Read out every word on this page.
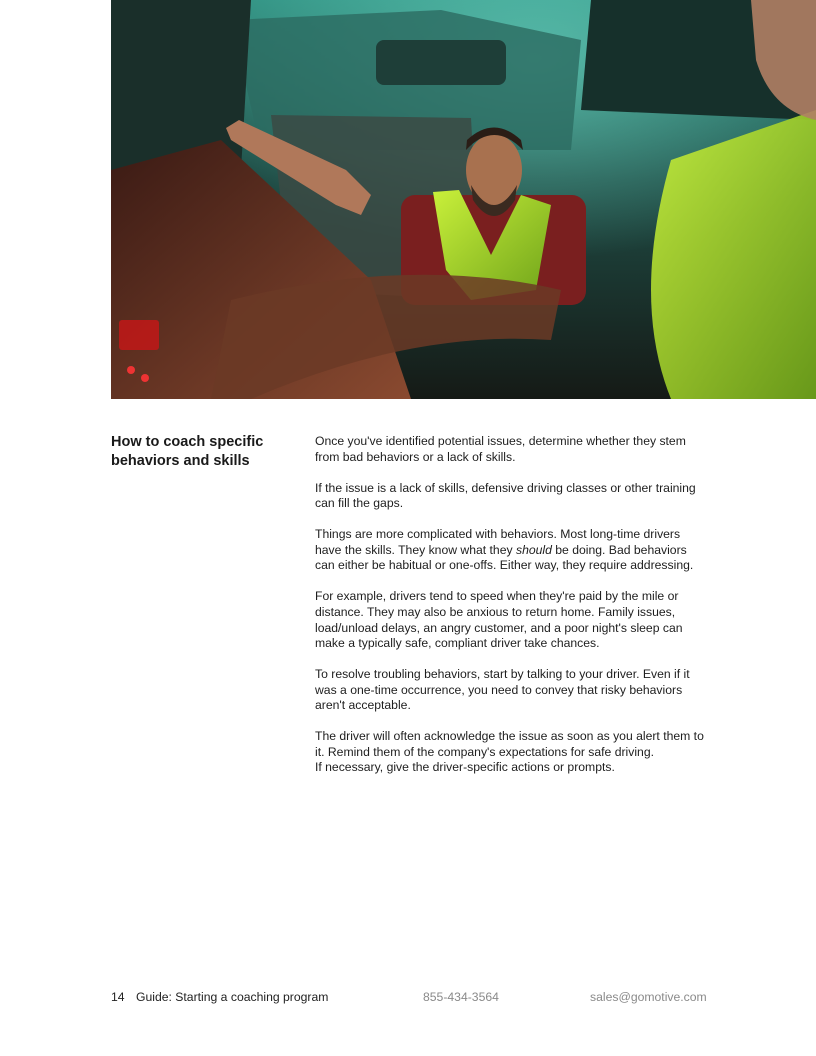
How to coach specific behaviors and skills

Once you've identified potential issues, determine whether they stem from bad behaviors or a lack of skills.

If the issue is a lack of skills, defensive driving classes or other training can fill the gaps.

Things are more complicated with behaviors. Most long-time drivers have the skills. They know what they should be doing. Bad behaviors can either be habitual or one-offs. Either way, they require addressing.

For example, drivers tend to speed when they're paid by the mile or distance. They may also be anxious to return home. Family issues, load/unload delays, an angry customer, and a poor night's sleep can make a typically safe, compliant driver take chances.

To resolve troubling behaviors, start by talking to your driver. Even if it was a one-time occurrence, you need to convey that risky behaviors aren't acceptable.

The driver will often acknowledge the issue as soon as you alert them to it. Remind them of the company's expectations for safe driving.
If necessary, give the driver-specific actions or prompts.

14 Guide: Starting a coaching program	855-434-3564	sales@gomotive.com
